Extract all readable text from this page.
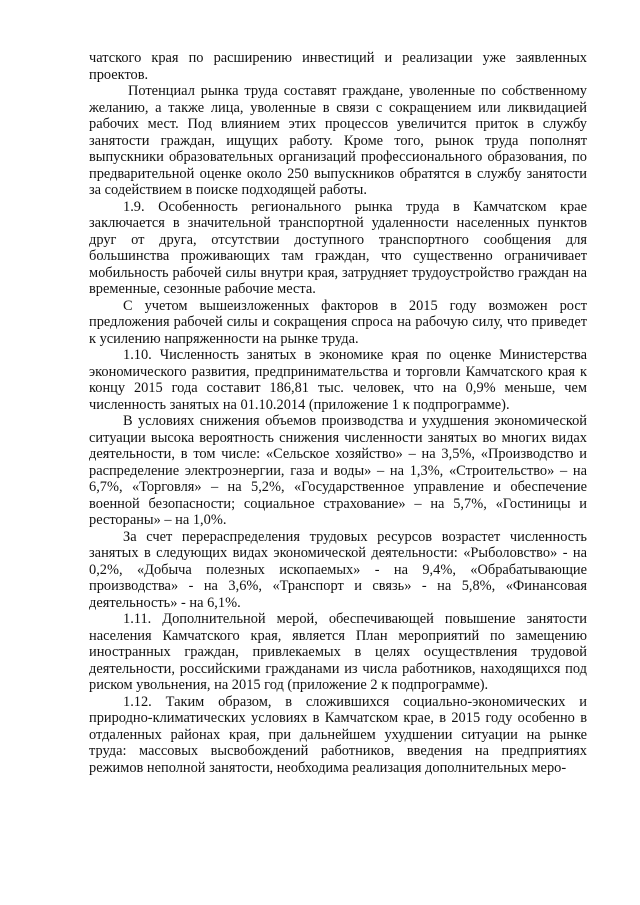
чатского края по расширению инвестиций и реализации уже заявленных проектов.

Потенциал рынка труда составят граждане, уволенные по собственному желанию, а также лица, уволенные в связи с сокращением или ликвидацией рабочих мест. Под влиянием этих процессов увеличится приток в службу занятости граждан, ищущих работу. Кроме того, рынок труда пополнят выпускники образовательных организаций профессионального образования, по предварительной оценке около 250 выпускников обратятся в службу занятости за содействием в поиске подходящей работы.

1.9. Особенность регионального рынка труда в Камчатском крае заключается в значительной транспортной удаленности населенных пунктов друг от друга, отсутствии доступного транспортного сообщения для большинства проживающих там граждан, что существенно ограничивает мобильность рабочей силы внутри края, затрудняет трудоустройство граждан на временные, сезонные рабочие места.

С учетом вышеизложенных факторов в 2015 году возможен рост предложения рабочей силы и сокращения спроса на рабочую силу, что приведет к усилению напряженности на рынке труда.

1.10. Численность занятых в экономике края по оценке Министерства экономического развития, предпринимательства и торговли Камчатского края к концу 2015 года составит 186,81 тыс. человек, что на 0,9% меньше, чем численность занятых на 01.10.2014 (приложение 1 к подпрограмме).

В условиях снижения объемов производства и ухудшения экономической ситуации высока вероятность снижения численности занятых во многих видах деятельности, в том числе: «Сельское хозяйство» – на 3,5%, «Производство и распределение электроэнергии, газа и воды» – на 1,3%, «Строительство» – на 6,7%, «Торговля» – на 5,2%, «Государственное управление и обеспечение военной безопасности; социальное страхование» – на 5,7%, «Гостиницы и рестораны» – на 1,0%.

За счет перераспределения трудовых ресурсов возрастет численность занятых в следующих видах экономической деятельности: «Рыболовство» - на 0,2%, «Добыча полезных ископаемых» - на 9,4%, «Обрабатывающие производства» - на 3,6%, «Транспорт и связь» - на 5,8%, «Финансовая деятельность» - на 6,1%.

1.11. Дополнительной мерой, обеспечивающей повышение занятости населения Камчатского края, является План мероприятий по замещению иностранных граждан, привлекаемых в целях осуществления трудовой деятельности, российскими гражданами из числа работников, находящихся под риском увольнения, на 2015 год (приложение 2 к подпрограмме).

1.12. Таким образом, в сложившихся социально-экономических и природно-климатических условиях в Камчатском крае, в 2015 году особенно в отдаленных районах края, при дальнейшем ухудшении ситуации на рынке труда: массовых высвобождений работников, введения на предприятиях режимов неполной занятости, необходима реализация дополнительных меро-
